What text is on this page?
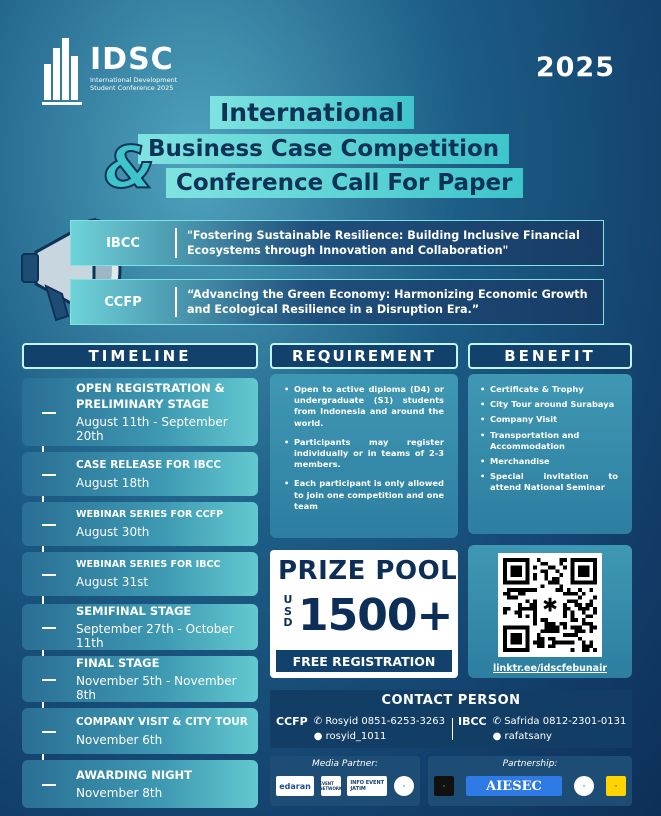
IDSC
International Development
Student Conference 2025
2025
International
Business Case Competition
Conference Call For Paper
&
IBCC
"Fostering Sustainable Resilience: Building Inclusive Financial Ecosystems through Innovation and Collaboration"
CCFP
“Advancing the Green Economy: Harmonizing Economic Growth and Ecological Resilience in a Disruption Era.”
TIMELINE	REQUIREMENT	BENEFIT
OPEN REGISTRATION & PRELIMINARY STAGE
August 11th - September 20th
CASE RELEASE FOR IBCC
August 18th
WEBINAR SERIES FOR CCFP
August 30th
WEBINAR SERIES FOR IBCC
August 31st
SEMIFINAL STAGE
September 27th - October 11th
FINAL STAGE
November 5th - November 8th
COMPANY VISIT & CITY TOUR
November 6th
AWARDING NIGHT
November 8th
• Open to active diploma (D4) or undergraduate (S1) students from Indonesia and around the world.
• Participants may register individually or in teams of 2-3 members.
• Each participant is only allowed to join one competition and one team
• Certificate & Trophy
• City Tour around Surabaya
• Company Visit
• Transportation and Accommodation
• Merchandise
• Special invitation to attend National Seminar
PRIZE POOL
U
S
D 1500+
FREE REGISTRATION
✱
linktr.ee/idscfebunair
CONTACT PERSON
CCFP ✆ Rosyid 0851-6253-3263
● rosyid_1011
IBCC ✆ Safrida 0812-2301-0131
● rafatsany
Media Partner:
edaran	EVENT NETWORK
INFO EVENT JATIM	·
Partnership:
·	AIESEC	·	·
